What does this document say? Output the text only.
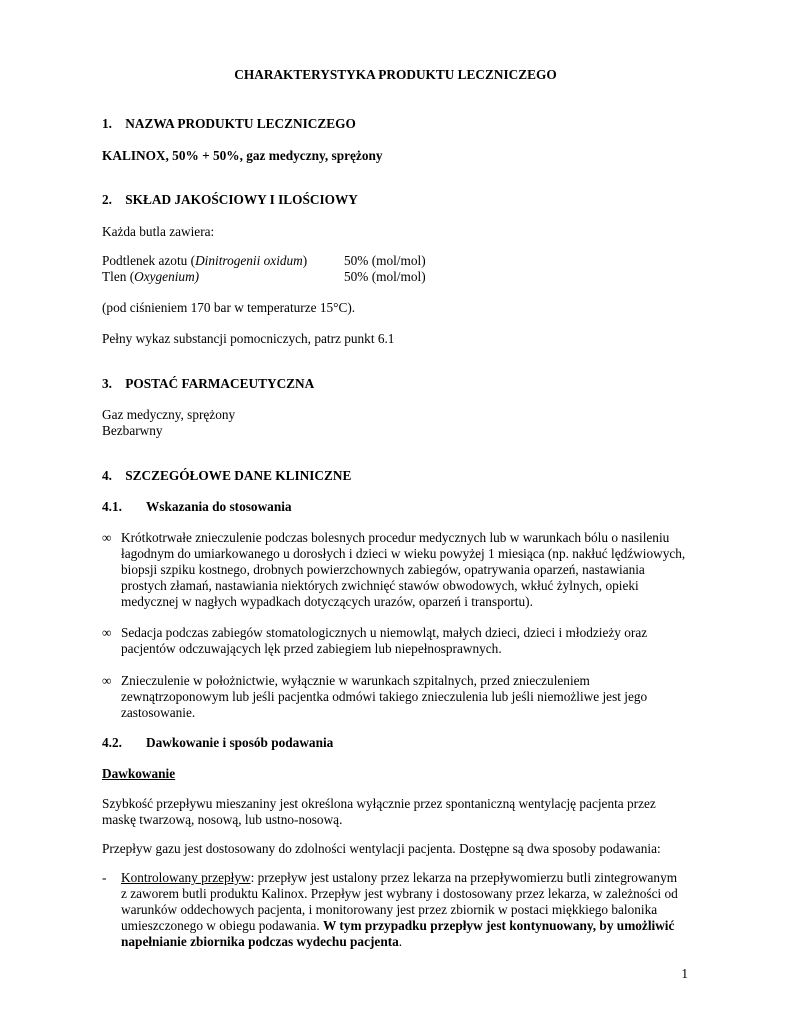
CHARAKTERYSTYKA PRODUKTU LECZNICZEGO
1.    NAZWA PRODUKTU LECZNICZEGO
KALINOX, 50% + 50%, gaz medyczny, sprężony
2.    SKŁAD JAKOŚCIOWY I ILOŚCIOWY
Każda butla zawiera:
Podtlenek azotu (Dinitrogenii oxidum)	50% (mol/mol)
Tlen (Oxygenium)	50% (mol/mol)
(pod ciśnieniem 170 bar w temperaturze 15°C).
Pełny wykaz substancji pomocniczych, patrz punkt 6.1
3.    POSTAĆ FARMACEUTYCZNA
Gaz medyczny, sprężony
Bezbarwny
4.    SZCZEGÓŁOWE DANE KLINICZNE
4.1. Wskazania do stosowania
∞ Krótkotrwałe znieczulenie podczas bolesnych procedur medycznych lub w warunkach bólu o nasileniu
łagodnym do umiarkowanego u dorosłych i dzieci w wieku powyżej 1 miesiąca (np. nakłuć lędźwiowych,
biopsji szpiku kostnego, drobnych powierzchownych zabiegów, opatrywania oparzeń, nastawiania
prostych złamań, nastawiania niektórych zwichnięć stawów obwodowych, wkłuć żylnych, opieki
medycznej w nagłych wypadkach dotyczących urazów, oparzeń i transportu).
∞ Sedacja podczas zabiegów stomatologicznych u niemowląt, małych dzieci, dzieci i młodzieży oraz
pacjentów odczuwających lęk przed zabiegiem lub niepełnosprawnych.
∞ Znieczulenie w położnictwie, wyłącznie w warunkach szpitalnych, przed znieczuleniem
zewnątrzoponowym lub jeśli pacjentka odmówi takiego znieczulenia lub jeśli niemożliwe jest jego
zastosowanie.
4.2. Dawkowanie i sposób podawania
Dawkowanie
Szybkość przepływu mieszaniny jest określona wyłącznie przez spontaniczną wentylację pacjenta przez
maskę twarzową, nosową, lub ustno-nosową.
Przepływ gazu jest dostosowany do zdolności wentylacji pacjenta. Dostępne są dwa sposoby podawania:
- Kontrolowany przepływ: przepływ jest ustalony przez lekarza na przepływomierzu butli zintegrowanym
z zaworem butli produktu Kalinox. Przepływ jest wybrany i dostosowany przez lekarza, w zależności od
warunków oddechowych pacjenta, i monitorowany jest przez zbiornik w postaci miękkiego balonika
umieszczonego w obiegu podawania. W tym przypadku przepływ jest kontynuowany, by umożliwić
napełnianie zbiornika podczas wydechu pacjenta.
1
